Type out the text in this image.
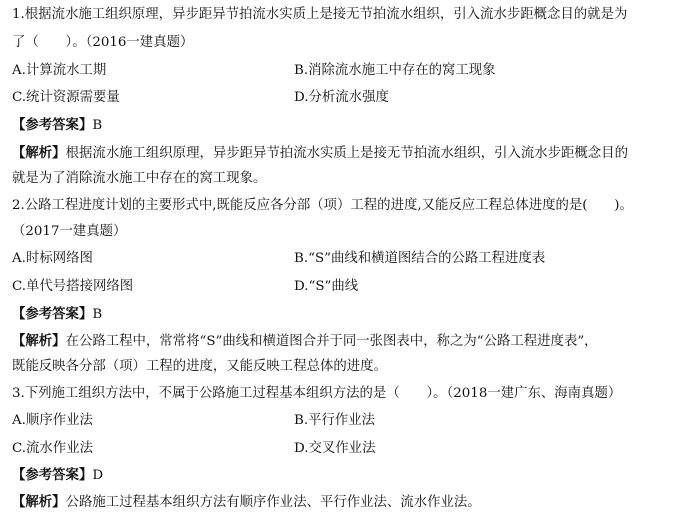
1.根据流水施工组织原理，异步距异节拍流水实质上是接无节拍流水组织，引入流水步距概念目的就是为
了（　　）。（2016一建真题）
A.计算流水工期	B.消除流水施工中存在的窝工现象
C.统计资源需要量	D.分析流水强度
【参考答案】B
【解析】根据流水施工组织原理，异步距异节拍流水实质上是接无节拍流水组织，引入流水步距概念目的
就是为了消除流水施工中存在的窝工现象。
2.公路工程进度计划的主要形式中,既能反应各分部（项）工程的进度,又能反应工程总体进度的是(　　)。
（2017一建真题）
A.时标网络图	B.“S”曲线和横道图结合的公路工程进度表
C.单代号搭接网络图	D.“S”曲线
【参考答案】B
【解析】在公路工程中，常常将“S”曲线和横道图合并于同一张图表中，称之为“公路工程进度表”，
既能反映各分部（项）工程的进度，又能反映工程总体的进度。
3.下列施工组织方法中，不属于公路施工过程基本组织方法的是（　　）。（2018一建广东、海南真题）
A.顺序作业法	B.平行作业法
C.流水作业法	D.交叉作业法
【参考答案】D
【解析】公路施工过程基本组织方法有顺序作业法、平行作业法、流水作业法。
